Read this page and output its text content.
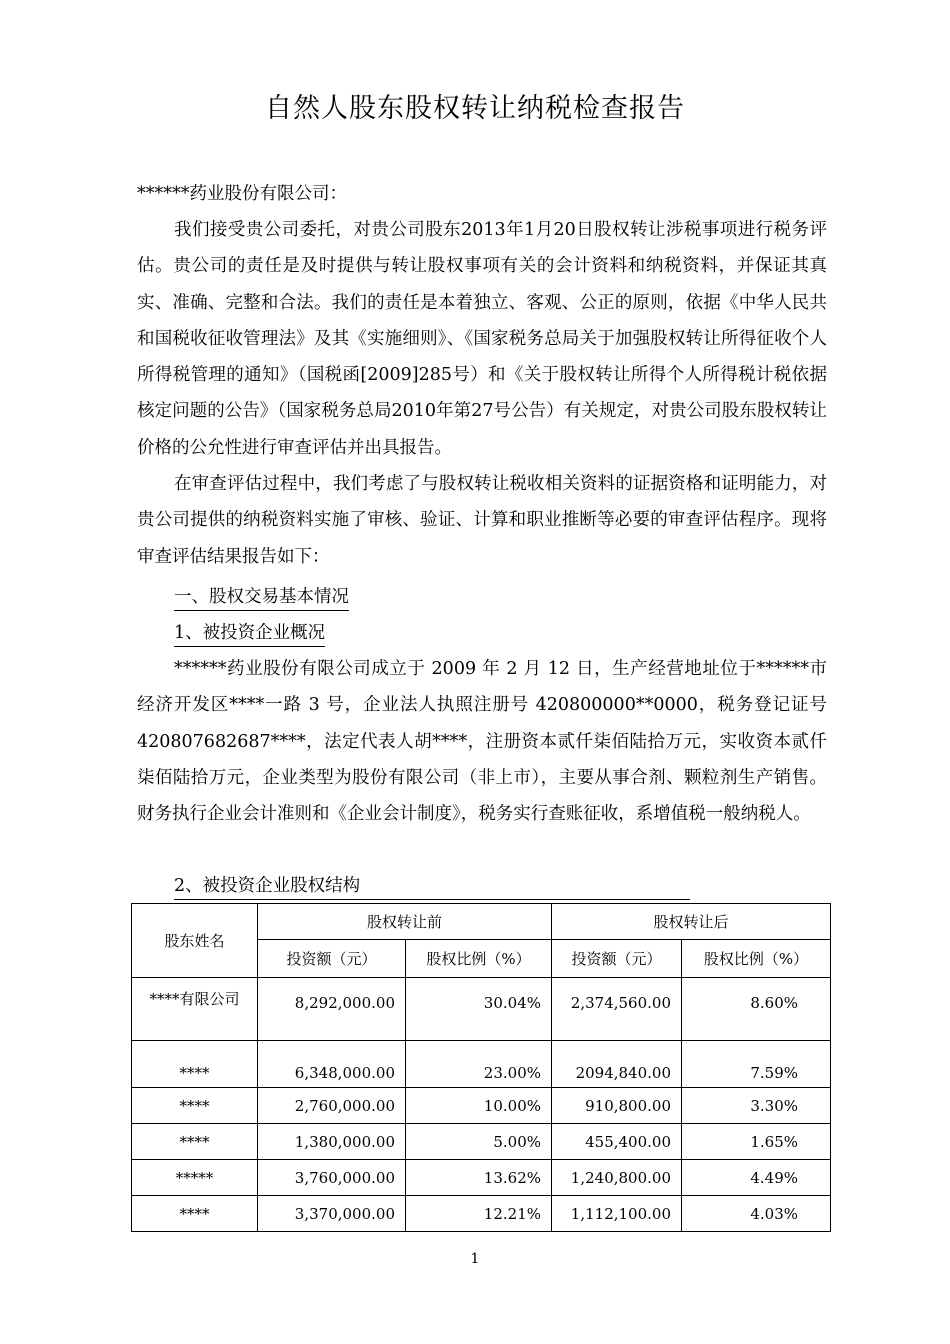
自然人股东股权转让纳税检查报告
******药业股份有限公司：
我们接受贵公司委托，对贵公司股东2013年1月20日股权转让涉税事项进行税务评估。贵公司的责任是及时提供与转让股权事项有关的会计资料和纳税资料，并保证其真实、准确、完整和合法。我们的责任是本着独立、客观、公正的原则，依据《中华人民共和国税收征收管理法》及其《实施细则》、《国家税务总局关于加强股权转让所得征收个人所得税管理的通知》（国税函[2009]285号）和《关于股权转让所得个人所得税计税依据核定问题的公告》（国家税务总局2010年第27号公告）有关规定，对贵公司股东股权转让价格的公允性进行审查评估并出具报告。
在审查评估过程中，我们考虑了与股权转让税收相关资料的证据资格和证明能力，对贵公司提供的纳税资料实施了审核、验证、计算和职业推断等必要的审查评估程序。现将审查评估结果报告如下：
一、股权交易基本情况
1、被投资企业概况
******药业股份有限公司成立于 2009 年 2 月 12 日，生产经营地址位于******市经济开发区****一路 3 号，企业法人执照注册号 420800000**0000，税务登记证号 420807682687****，法定代表人胡****，注册资本贰仟柒佰陆拾万元，实收资本贰仟柒佰陆拾万元，企业类型为股份有限公司（非上市），主要从事合剂、颗粒剂生产销售。财务执行企业会计准则和《企业会计制度》，税务实行查账征收，系增值税一般纳税人。
2、被投资企业股权结构
股东姓名	股权转让前		股权转让后	
	投资额（元）	股权比例（%）	投资额（元）	股权比例（%）
****有限公司	8,292,000.00	30.04%	2,374,560.00	8.60%
****	6,348,000.00	23.00%	2094,840.00	7.59%
****	2,760,000.00	10.00%	910,800.00	3.30%
****	1,380,000.00	5.00%	455,400.00	1.65%
*****	3,760,000.00	13.62%	1,240,800.00	4.49%
****	3,370,000.00	12.21%	1,112,100.00	4.03%
1
